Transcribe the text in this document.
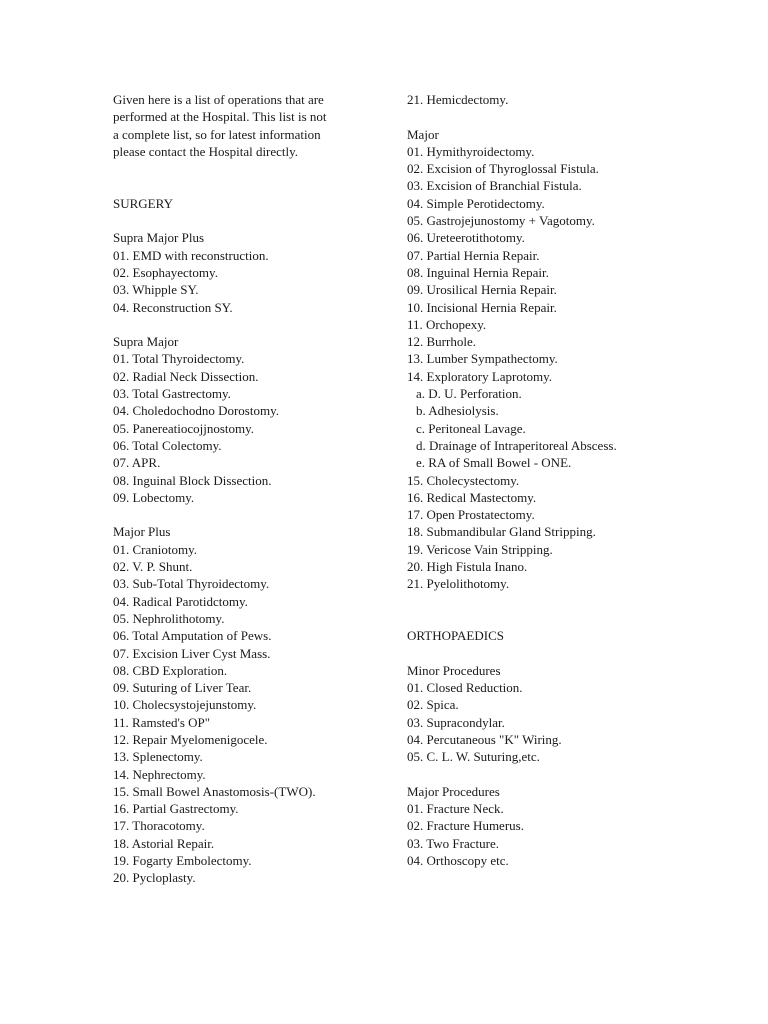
Given here is a list of operations that are
performed at the Hospital. This list is not
a complete list, so for latest information
please contact the Hospital directly.
SURGERY
Supra Major Plus
01. EMD with reconstruction.
02. Esophayectomy.
03. Whipple SY.
04. Reconstruction SY.
Supra Major
01. Total Thyroidectomy.
02. Radial Neck Dissection.
03. Total Gastrectomy.
04. Choledochodno Dorostomy.
05. Panereatiocojjnostomy.
06. Total Colectomy.
07. APR.
08. Inguinal Block Dissection.
09. Lobectomy.
Major Plus
01. Craniotomy.
02. V. P. Shunt.
03. Sub-Total Thyroidectomy.
04. Radical Parotidctomy.
05. Nephrolithotomy.
06. Total Amputation of Pews.
07. Excision Liver Cyst Mass.
08. CBD Exploration.
09. Suturing of Liver Tear.
10. Cholecsystojejunstomy.
11. Ramsted's OP"
12. Repair Myelomenigocele.
13. Splenectomy.
14. Nephrectomy.
15. Small Bowel Anastomosis-(TWO).
16. Partial Gastrectomy.
17. Thoracotomy.
18. Astorial Repair.
19. Fogarty Embolectomy.
20. Pycloplasty.
21. Hemicdectomy.
Major
01. Hymithyroidectomy.
02. Excision of Thyroglossal Fistula.
03. Excision of Branchial Fistula.
04. Simple Perotidectomy.
05. Gastrojejunostomy + Vagotomy.
06. Ureteerotithotomy.
07. Partial Hernia Repair.
08. Inguinal Hernia Repair.
09. Urosilical Hernia Repair.
10. Incisional Hernia Repair.
11. Orchopexy.
12. Burrhole.
13. Lumber Sympathectomy.
14. Exploratory Laprotomy.
a. D. U. Perforation.
b. Adhesiolysis.
c. Peritoneal Lavage.
d. Drainage of Intraperitoreal Abscess.
e. RA of Small Bowel - ONE.
15. Cholecystectomy.
16. Redical Mastectomy.
17. Open Prostatectomy.
18. Submandibular Gland Stripping.
19. Vericose Vain Stripping.
20. High Fistula Inano.
21. Pyelolithotomy.
ORTHOPAEDICS
Minor Procedures
01. Closed Reduction.
02. Spica.
03. Supracondylar.
04. Percutaneous "K" Wiring.
05. C. L. W. Suturing,etc.
Major Procedures
01. Fracture Neck.
02. Fracture Humerus.
03. Two Fracture.
04. Orthoscopy etc.
